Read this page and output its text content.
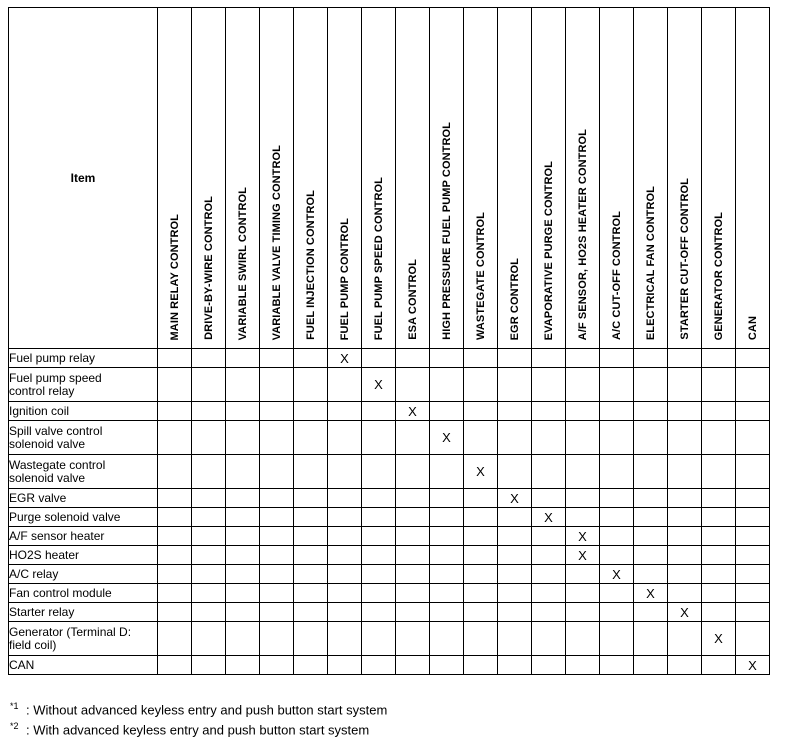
Item	MAIN RELAY CONTROL	DRIVE-BY-WIRE CONTROL	VARIABLE SWIRL CONTROL	VARIABLE VALVE TIMING CONTROL	FUEL INJECTION CONTROL	FUEL PUMP CONTROL	FUEL PUMP SPEED CONTROL	ESA CONTROL	HIGH PRESSURE FUEL PUMP CONTROL	WASTEGATE CONTROL	EGR CONTROL	EVAPORATIVE PURGE CONTROL	A/F SENSOR, HO2S HEATER CONTROL	A/C CUT-OFF CONTROL	ELECTRICAL FAN CONTROL	STARTER CUT-OFF CONTROL	GENERATOR CONTROL	CAN

Fuel pump relay						X												

Fuel pump speed
control relay							X											

Ignition coil								X										

Spill valve control
solenoid valve									X									

Wastegate control
solenoid valve										X								

EGR valve											X							

Purge solenoid valve												X						

A/F sensor heater													X					

HO2S heater													X					

A/C relay														X				

Fan control module															X			

Starter relay																X		

Generator (Terminal D:
field coil)																	X	

CAN																		X
$^{*1}$ : Without advanced keyless entry and push button start system
$^{*2}$ : With advanced keyless entry and push button start system
